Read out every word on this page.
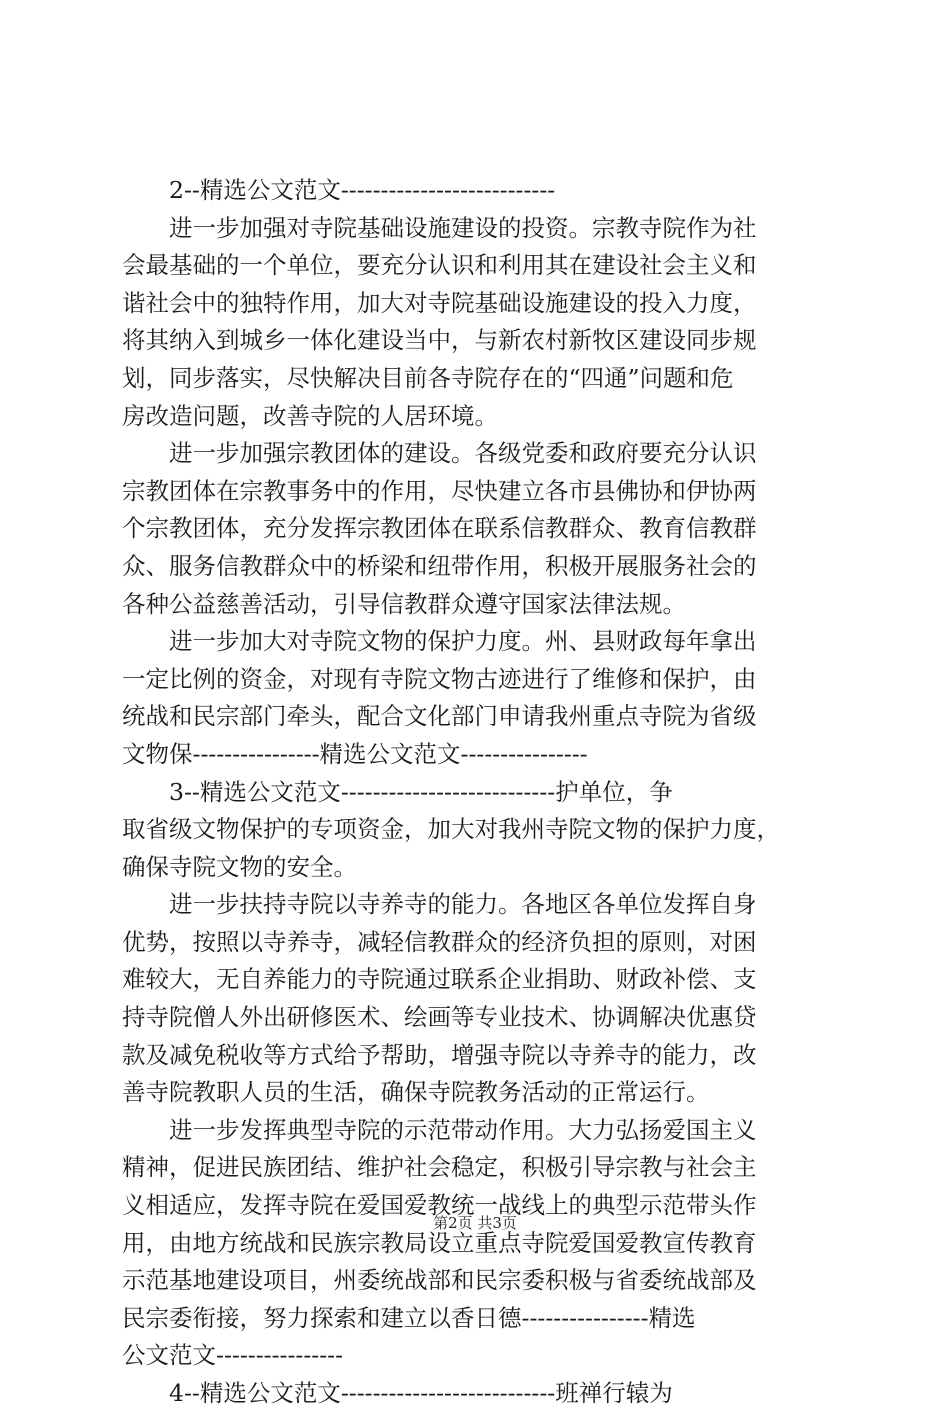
　　2--精选公文范文---------------------------
　　进一步加强对寺院基础设施建设的投资。宗教寺院作为社
会最基础的一个单位，要充分认识和利用其在建设社会主义和
谐社会中的独特作用，加大对寺院基础设施建设的投入力度，
将其纳入到城乡一体化建设当中，与新农村新牧区建设同步规
划，同步落实，尽快解决目前各寺院存在的“四通”问题和危
房改造问题，改善寺院的人居环境。
　　进一步加强宗教团体的建设。各级党委和政府要充分认识
宗教团体在宗教事务中的作用，尽快建立各市县佛协和伊协两
个宗教团体，充分发挥宗教团体在联系信教群众、教育信教群
众、服务信教群众中的桥梁和纽带作用，积极开展服务社会的
各种公益慈善活动，引导信教群众遵守国家法律法规。
　　进一步加大对寺院文物的保护力度。州、县财政每年拿出
一定比例的资金，对现有寺院文物古迹进行了维修和保护，由
统战和民宗部门牵头，配合文化部门申请我州重点寺院为省级
文物保----------------精选公文范文----------------
　　3--精选公文范文---------------------------护单位，争
取省级文物保护的专项资金，加大对我州寺院文物的保护力度，
确保寺院文物的安全。
　　进一步扶持寺院以寺养寺的能力。各地区各单位发挥自身
优势，按照以寺养寺，减轻信教群众的经济负担的原则，对困
难较大，无自养能力的寺院通过联系企业捐助、财政补偿、支
持寺院僧人外出研修医术、绘画等专业技术、协调解决优惠贷
款及减免税收等方式给予帮助，增强寺院以寺养寺的能力，改
善寺院教职人员的生活，确保寺院教务活动的正常运行。
　　进一步发挥典型寺院的示范带动作用。大力弘扬爱国主义
精神，促进民族团结、维护社会稳定，积极引导宗教与社会主
义相适应，发挥寺院在爱国爱教统一战线上的典型示范带头作
用，由地方统战和民族宗教局设立重点寺院爱国爱教宣传教育
示范基地建设项目，州委统战部和民宗委积极与省委统战部及
民宗委衔接，努力探索和建立以香日德----------------精选
公文范文----------------
　　4--精选公文范文---------------------------班禅行辕为
第2页 共3页
